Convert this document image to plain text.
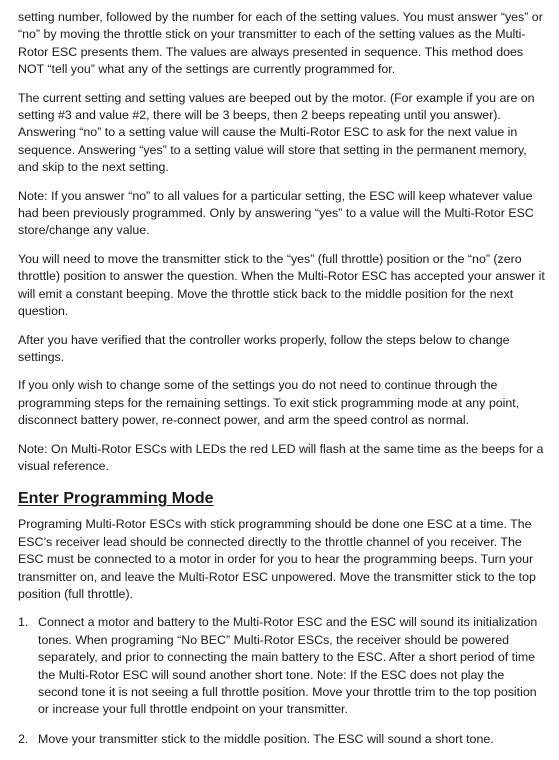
setting number, followed by the number for each of the setting values. You must answer “yes” or “no” by moving the throttle stick on your transmitter to each of the setting values as the Multi-Rotor ESC presents them. The values are always presented in sequence. This method does NOT “tell you” what any of the settings are currently programmed for.

The current setting and setting values are beeped out by the motor. (For example if you are on setting #3 and value #2, there will be 3 beeps, then 2 beeps repeating until you answer). Answering “no” to a setting value will cause the Multi-Rotor ESC to ask for the next value in sequence. Answering “yes” to a setting value will store that setting in the permanent memory, and skip to the next setting.

Note: If you answer “no” to all values for a particular setting, the ESC will keep whatever value had been previously programmed. Only by answering “yes” to a value will the Multi-Rotor ESC store/change any value.

You will need to move the transmitter stick to the “yes” (full throttle) position or the “no” (zero throttle) position to answer the question. When the Multi-Rotor ESC has accepted your answer it will emit a constant beeping. Move the throttle stick back to the middle position for the next question.

After you have verified that the controller works properly, follow the steps below to change settings.

If you only wish to change some of the settings you do not need to continue through the programming steps for the remaining settings. To exit stick programming mode at any point, disconnect battery power, re-connect power, and arm the speed control as normal.

Note: On Multi-Rotor ESCs with LEDs the red LED will flash at the same time as the beeps for a visual reference.

Enter Programming Mode

Programing Multi-Rotor ESCs with stick programming should be done one ESC at a time. The ESC’s receiver lead should be connected directly to the throttle channel of you receiver. The ESC must be connected to a motor in order for you to hear the programming beeps. Turn your transmitter on, and leave the Multi-Rotor ESC unpowered. Move the transmitter stick to the top position (full throttle).

1. Connect a motor and battery to the Multi-Rotor ESC and the ESC will sound its initialization tones. When programing “No BEC” Multi-Rotor ESCs, the receiver should be powered separately, and prior to connecting the main battery to the ESC. After a short period of time the Multi-Rotor ESC will sound another short tone. Note: If the ESC does not play the second tone it is not seeing a full throttle position. Move your throttle trim to the top position or increase your full throttle endpoint on your transmitter.
2. Move your transmitter stick to the middle position. The ESC will sound a short tone.
